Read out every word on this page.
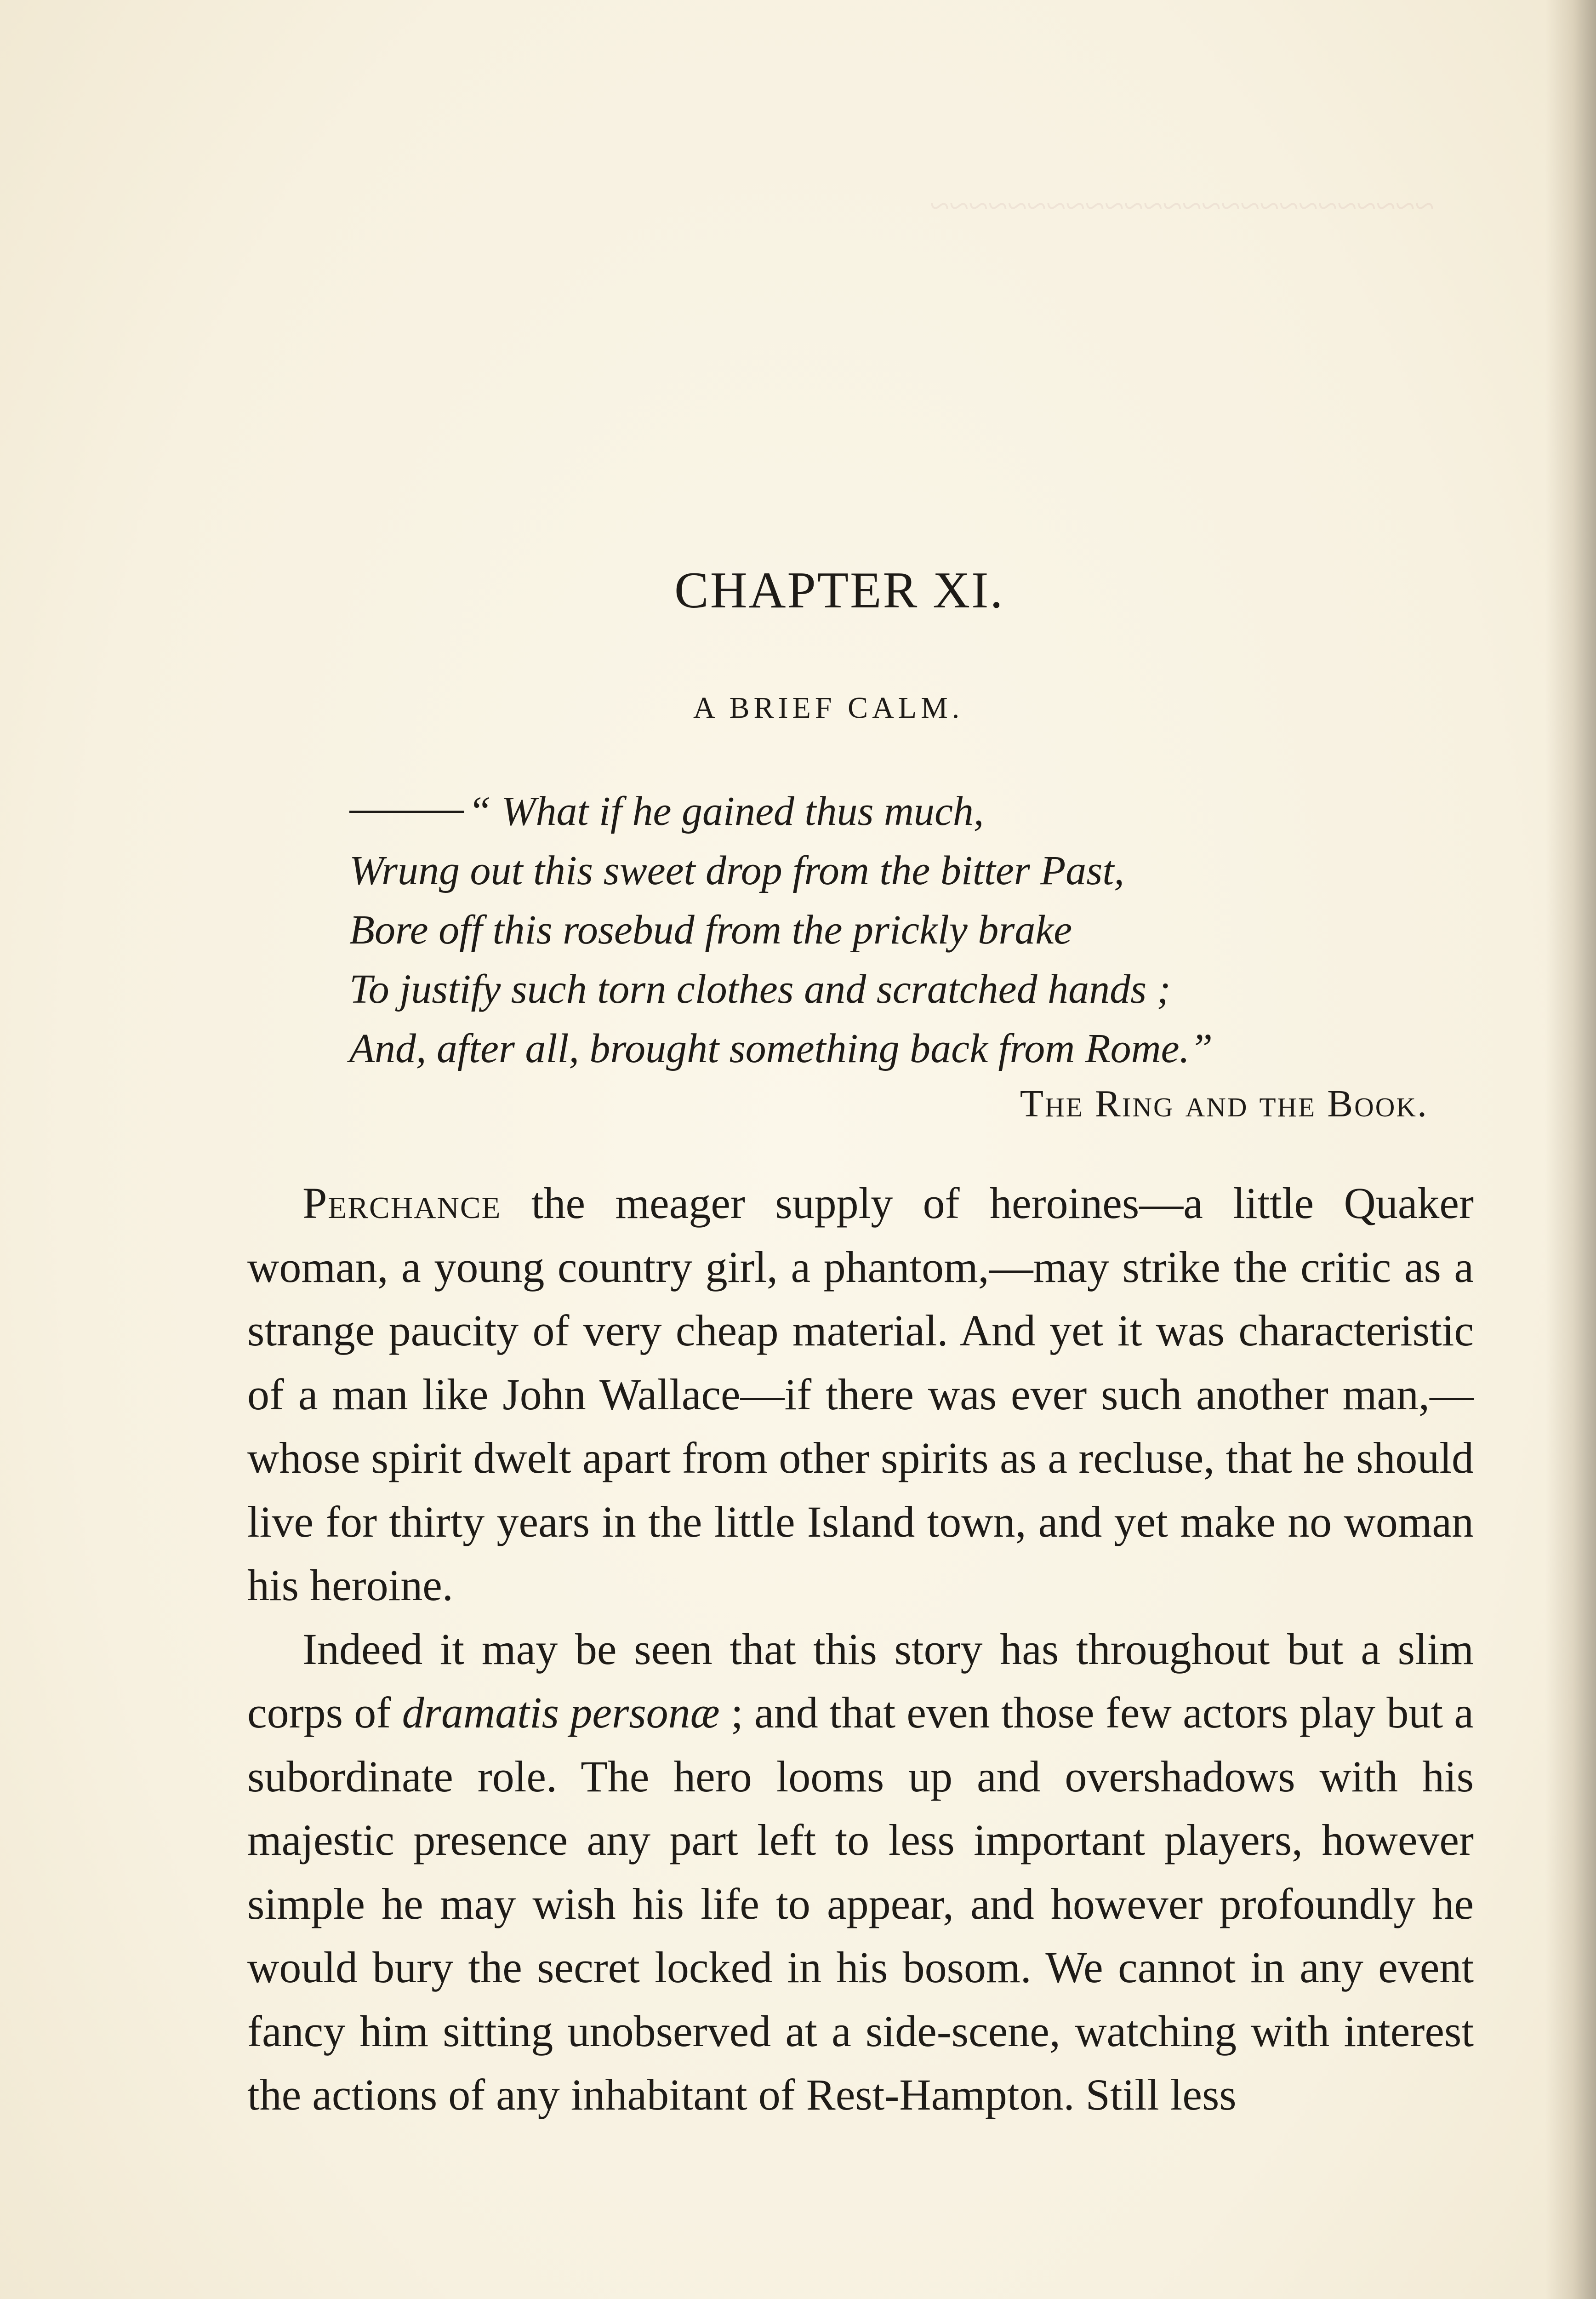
~~~~~~~~~~~~~~~~~~~~~~~~~~
CHAPTER XI.
A BRIEF CALM.
“ What if he gained thus much,
Wrung out this sweet drop from the bitter Past,
Bore off this rosebud from the prickly brake
To justify such torn clothes and scratched hands ;
And, after all, brought something back from Rome.”
The Ring and the Book.

Perchance the meager supply of heroines—a little Quaker woman, a young country girl, a phantom,—may strike the critic as a strange paucity of very cheap material. And yet it was characteristic of a man like John Wallace—if there was ever such another man,—whose spirit dwelt apart from other spirits as a recluse, that he should live for thirty years in the little Island town, and yet make no woman his heroine.

Indeed it may be seen that this story has throughout but a slim corps of dramatis personæ ; and that even those few actors play but a subordinate role. The hero looms up and overshadows with his majestic presence any part left to less important players, however simple he may wish his life to appear, and however profoundly he would bury the secret locked in his bosom. We cannot in any event fancy him sitting unobserved at a side-scene, watching with interest the actions of any inhabitant of Rest-Hampton. Still less
